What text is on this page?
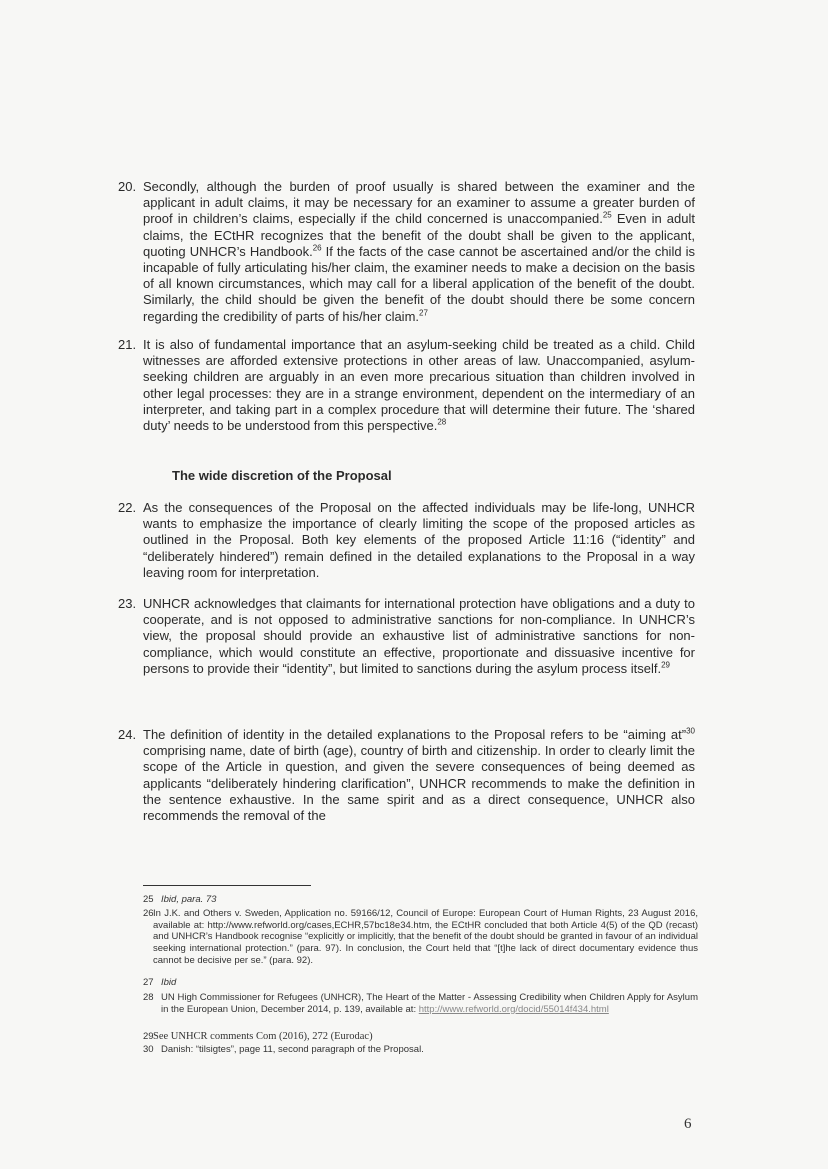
20. Secondly, although the burden of proof usually is shared between the examiner and the applicant in adult claims, it may be necessary for an examiner to assume a greater burden of proof in children’s claims, especially if the child concerned is unaccompanied.$^{25}$ Even in adult claims, the ECtHR recognizes that the benefit of the doubt shall be given to the applicant, quoting UNHCR’s Handbook.$^{26}$ If the facts of the case cannot be ascertained and/or the child is incapable of fully articulating his/her claim, the examiner needs to make a decision on the basis of all known circumstances, which may call for a liberal application of the benefit of the doubt. Similarly, the child should be given the benefit of the doubt should there be some concern regarding the credibility of parts of his/her claim.$^{27}$
21. It is also of fundamental importance that an asylum-seeking child be treated as a child. Child witnesses are afforded extensive protections in other areas of law. Unaccompanied, asylum-seeking children are arguably in an even more precarious situation than children involved in other legal processes: they are in a strange environment, dependent on the intermediary of an interpreter, and taking part in a complex procedure that will determine their future. The ‘shared duty’ needs to be understood from this perspective.$^{28}$
The wide discretion of the Proposal
22. As the consequences of the Proposal on the affected individuals may be life-long, UNHCR wants to emphasize the importance of clearly limiting the scope of the proposed articles as outlined in the Proposal. Both key elements of the proposed Article 11:16 (“identity” and “deliberately hindered”) remain defined in the detailed explanations to the Proposal in a way leaving room for interpretation.
23. UNHCR acknowledges that claimants for international protection have obligations and a duty to cooperate, and is not opposed to administrative sanctions for non-compliance. In UNHCR’s view, the proposal should provide an exhaustive list of administrative sanctions for non-compliance, which would constitute an effective, proportionate and dissuasive incentive for persons to provide their “identity”, but limited to sanctions during the asylum process itself.$^{29}$
24. The definition of identity in the detailed explanations to the Proposal refers to be “aiming at”$^{30}$ comprising name, date of birth (age), country of birth and citizenship. In order to clearly limit the scope of the Article in question, and given the severe consequences of being deemed as applicants “deliberately hindering clarification”, UNHCR recommends to make the definition in the sentence exhaustive. In the same spirit and as a direct consequence, UNHCR also recommends the removal of the
25 Ibid, para. 73
26 In J.K. and Others v. Sweden, Application no. 59166/12, Council of Europe: European Court of Human Rights, 23 August 2016, available at: http://www.refworld.org/cases,ECHR,57bc18e34.htm, the ECtHR concluded that both Article 4(5) of the QD (recast) and UNHCR’s Handbook recognise “explicitly or implicitly, that the benefit of the doubt should be granted in favour of an individual seeking international protection.” (para. 97). In conclusion, the Court held that “[t]he lack of direct documentary evidence thus cannot be decisive per se.” (para. 92).
27 Ibid
28 UN High Commissioner for Refugees (UNHCR), The Heart of the Matter - Assessing Credibility when Children Apply for Asylum in the European Union, December 2014, p. 139, available at: http://www.refworld.org/docid/55014f434.html
29 See UNHCR comments Com (2016), 272 (Eurodac)
30 Danish: “tilsigtes”, page 11, second paragraph of the Proposal.
6
